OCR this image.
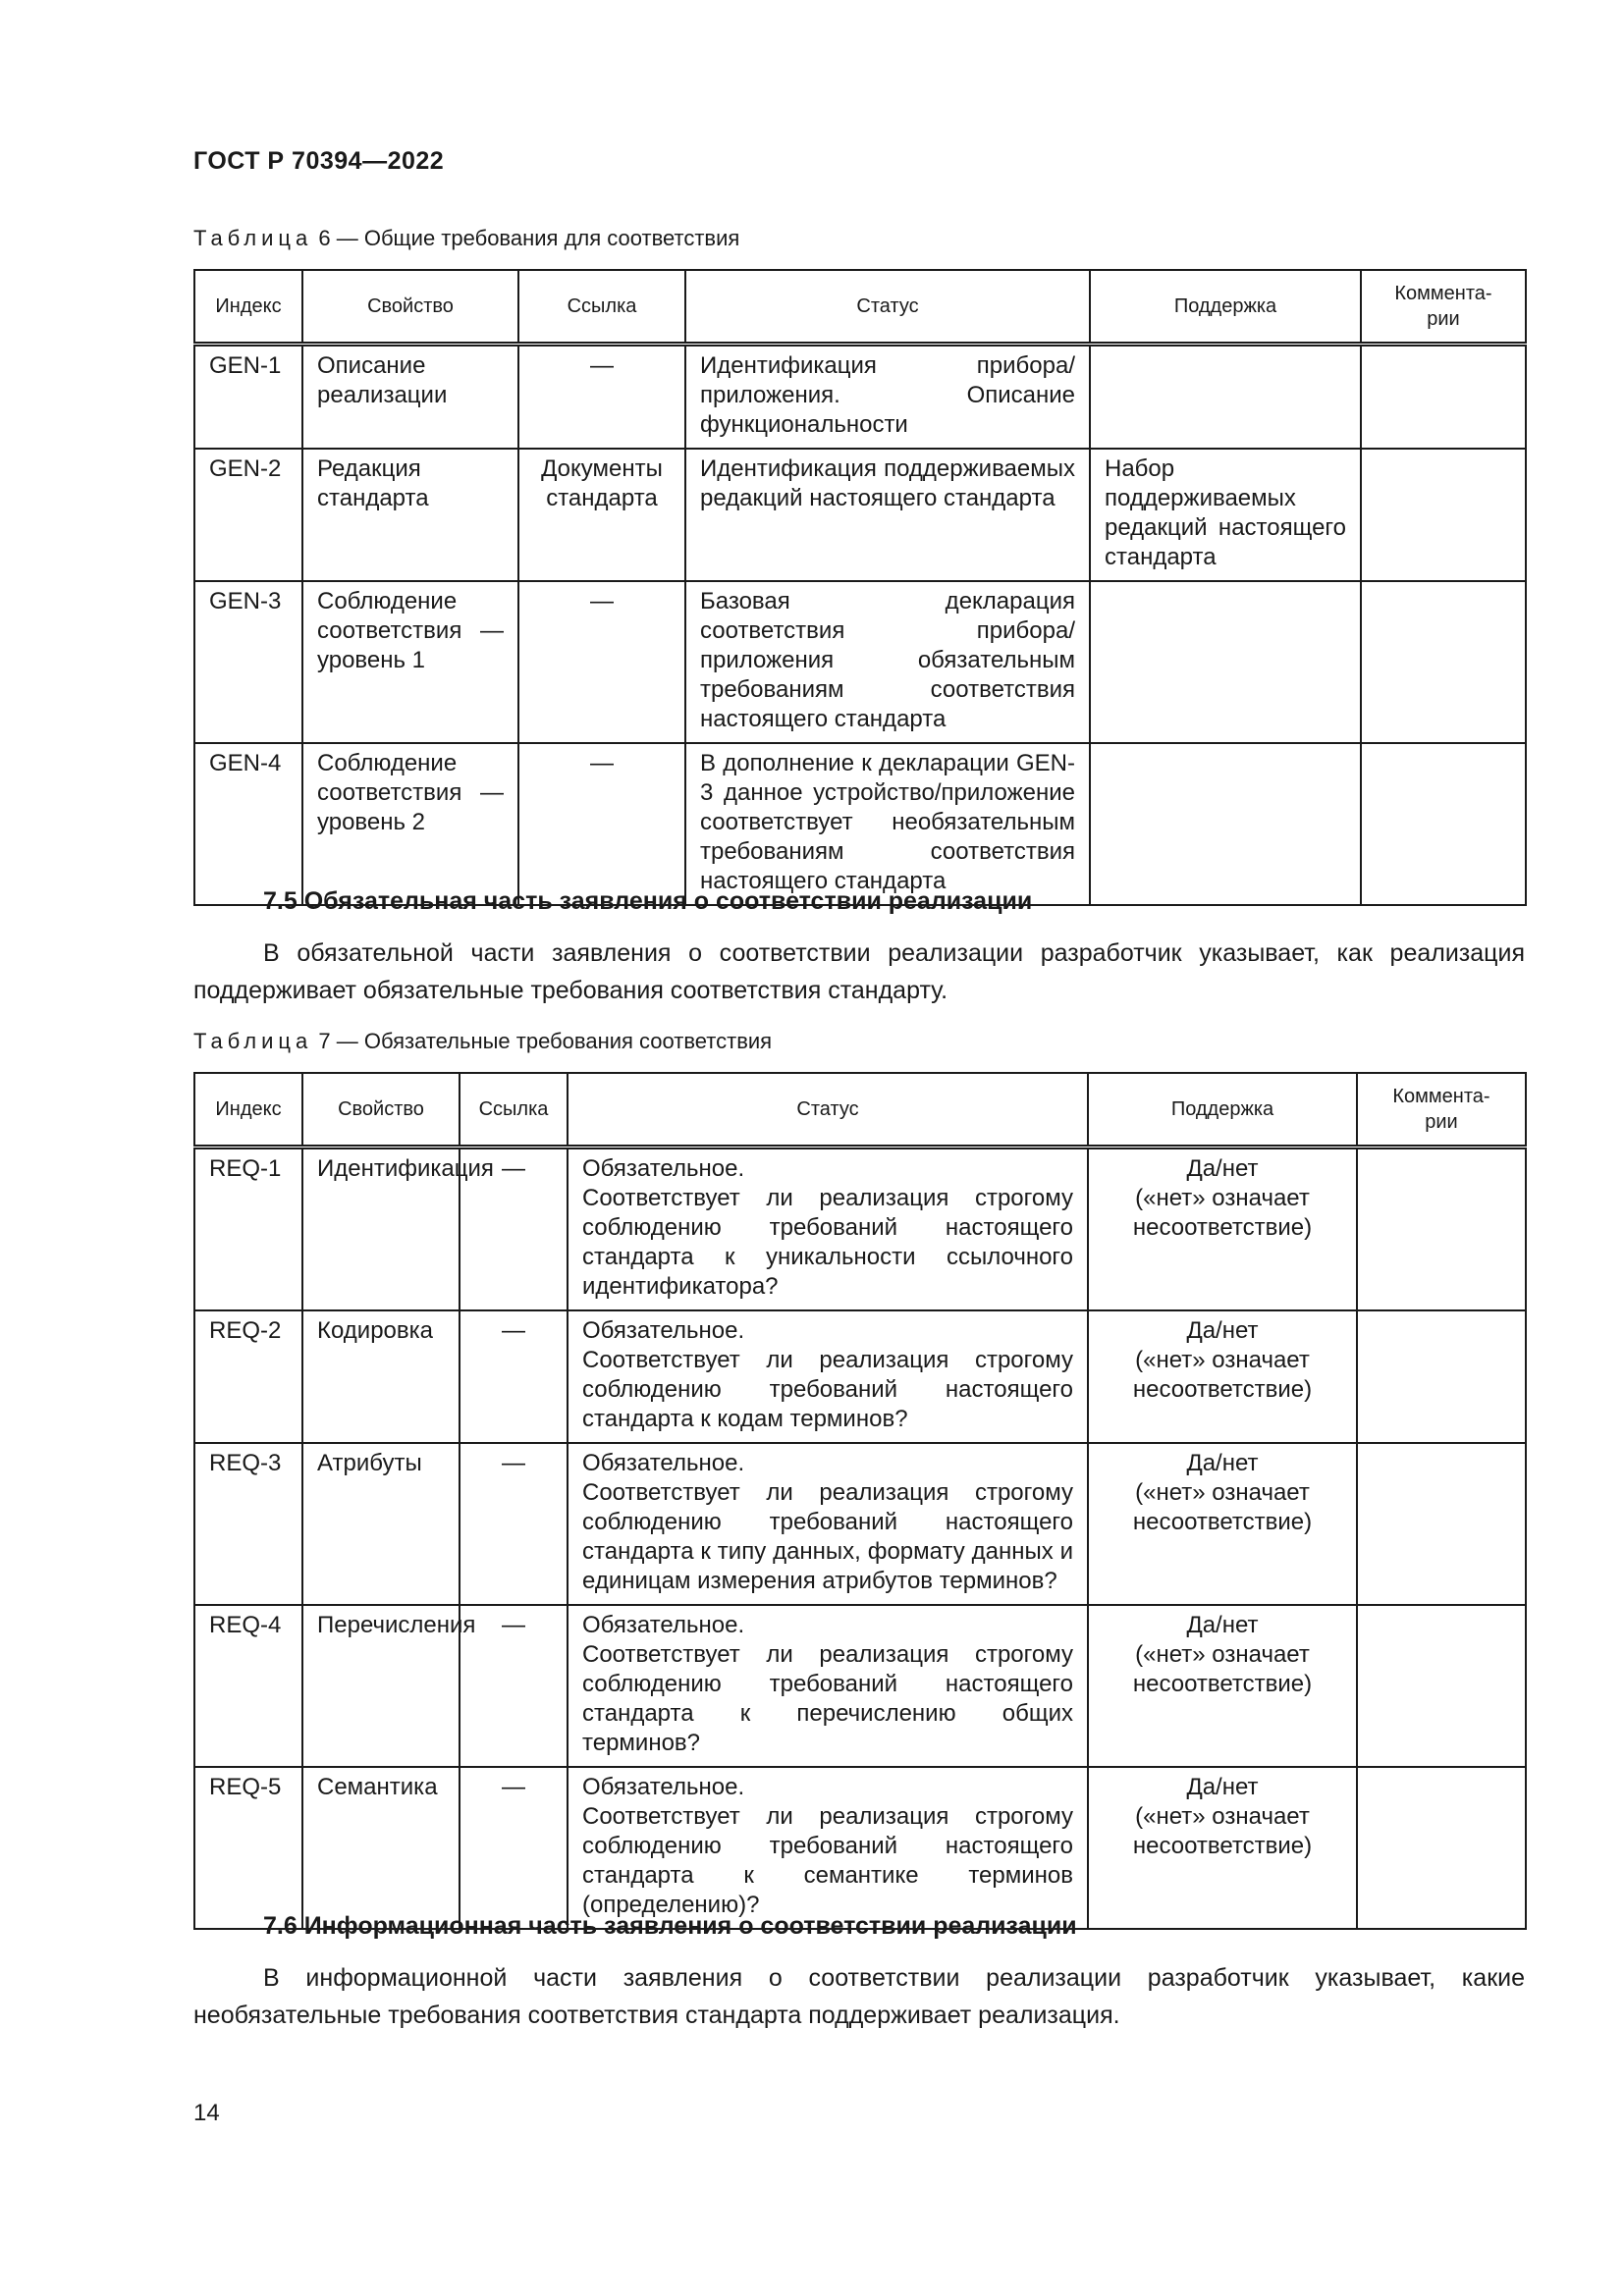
ГОСТ Р 70394—2022
Таблица 6 — Общие требования для соответствия
Индекс	Свойство	Ссылка	Статус	Поддержка	Коммента-
рии
GEN-1	Описание реализации	—	Идентификация прибора/приложения. Описание функциональности		
GEN-2	Редакция стандарта	Документы стандарта	Идентификация поддерживаемых редакций настоящего стандарта	Набор поддерживаемых редакций настоящего стандарта	
GEN-3	Соблюдение соответствия — уровень 1	—	Базовая декларация соответствия прибора/приложения обязательным требованиям соответствия настоящего стандарта		
GEN-4	Соблюдение соответствия — уровень 2	—	В дополнение к декларации GEN-3 данное устройство/приложение соответствует необязательным требованиям соответствия настоящего стандарта		
7.5 Обязательная часть заявления о соответствии реализации
В обязательной части заявления о соответствии реализации разработчик указывает, как реализация поддерживает обязательные требования соответствия стандарту.
Таблица 7 — Обязательные требования соответствия
Индекс	Свойство	Ссылка	Статус	Поддержка	Коммента-
рии
REQ-1	Идентификация	—	Обязательное.
Соответствует ли реализация строгому соблюдению требований настоящего стандарта к уникальности ссылочного идентификатора?	Да/нет
(«нет» означает несоответствие)	
REQ-2	Кодировка	—	Обязательное.
Соответствует ли реализация строгому соблюдению требований настоящего стандарта к кодам терминов?	Да/нет
(«нет» означает несоответствие)	
REQ-3	Атрибуты	—	Обязательное.
Соответствует ли реализация строгому соблюдению требований настоящего стандарта к типу данных, формату данных и единицам измерения атрибутов терминов?	Да/нет
(«нет» означает несоответствие)	
REQ-4	Перечисления	—	Обязательное.
Соответствует ли реализация строгому соблюдению требований настоящего стандарта к перечислению общих терминов?	Да/нет
(«нет» означает несоответствие)	
REQ-5	Семантика	—	Обязательное.
Соответствует ли реализация строгому соблюдению требований настоящего стандарта к семантике терминов (определению)?	Да/нет
(«нет» означает несоответствие)	
7.6 Информационная часть заявления о соответствии реализации
В информационной части заявления о соответствии реализации разработчик указывает, какие необязательные требования соответствия стандарта поддерживает реализация.
14
